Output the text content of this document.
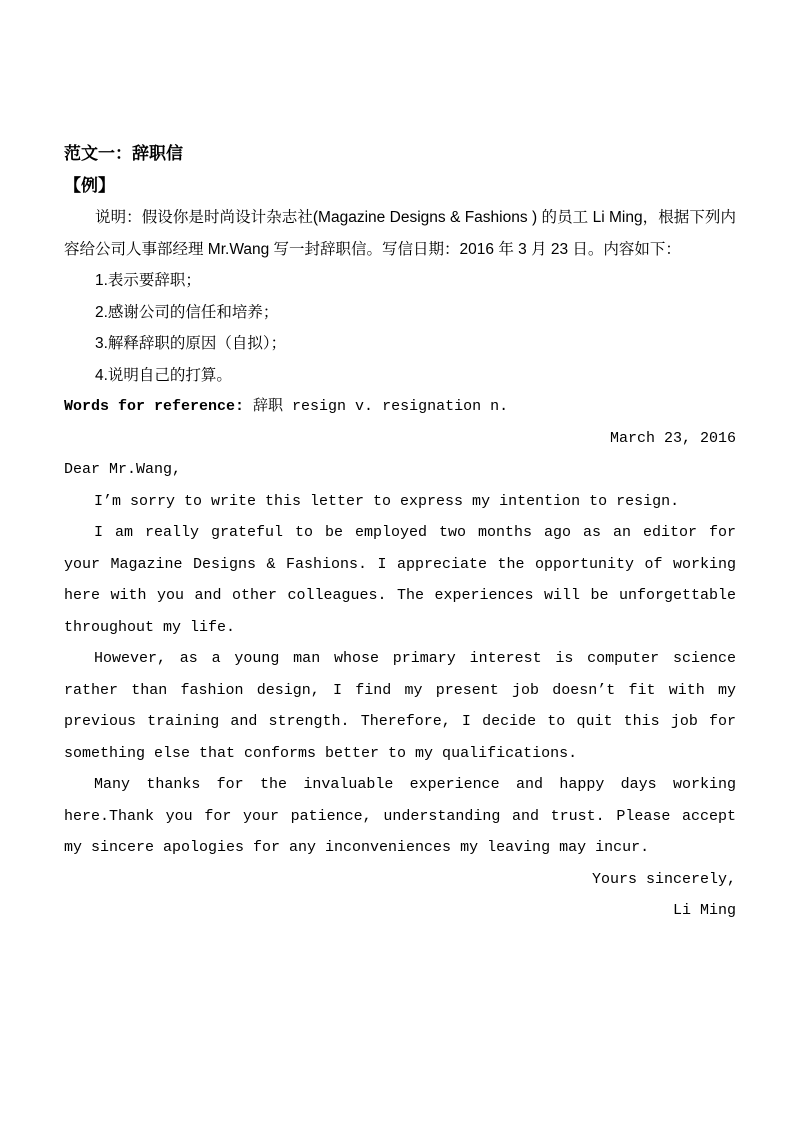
范文一：辞职信
【例】

说明：假设你是时尚设计杂志社(Magazine Designs & Fashions ) 的员工 Li Ming，根据下列内容给公司人事部经理 Mr.Wang 写一封辞职信。写信日期：2016 年 3 月 23 日。内容如下：

1.表示要辞职；

2.感谢公司的信任和培养；

3.解释辞职的原因（自拟）；

4.说明自己的打算。

Words for reference: 辞职 resign v. resignation n.

March 23, 2016

Dear Mr.Wang,

I’m sorry to write this letter to express my intention to resign.

I am really grateful to be employed two months ago as an editor for your Magazine Designs & Fashions. I appreciate the opportunity of working here with you and other colleagues. The experiences will be unforgettable throughout my life.

However, as a young man whose primary interest is computer science rather than fashion design, I find my present job doesn’t fit with my previous training and strength. Therefore, I decide to quit this job for something else that conforms better to my qualifications.

Many thanks for the invaluable experience and happy days working here.Thank you for your patience, understanding and trust. Please accept my sincere apologies for any inconveniences my leaving may incur.

Yours sincerely,
Li Ming
